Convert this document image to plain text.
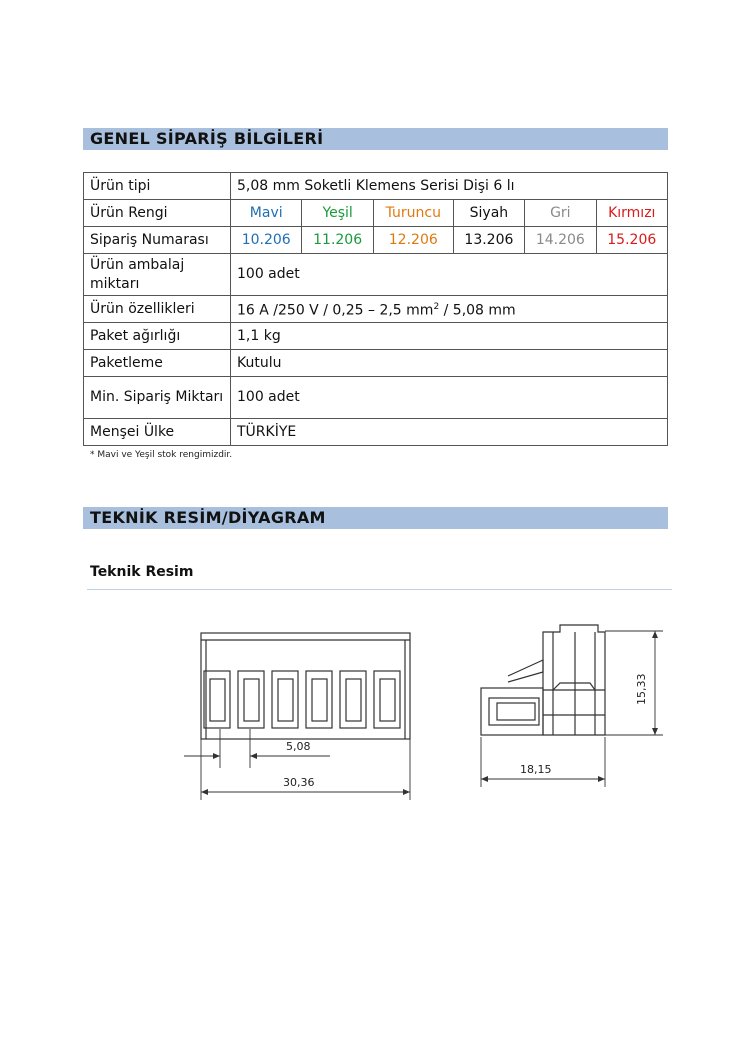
GENEL SİPARİŞ BİLGİLERİ
Ürün tipi	5,08 mm Soketli Klemens Serisi Dişi 6 lı					
Ürün Rengi	Mavi	Yeşil	Turuncu	Siyah	Gri	Kırmızı
Sipariş Numarası	10.206	11.206	12.206	13.206	14.206	15.206
Ürün ambalaj miktarı	100 adet					
Ürün özellikleri	16 A /250 V / 0,25 – 2,5 $mm^2 / 5,08$ mm					
Paket ağırlığı	1,1 kg					
Paketleme	Kutulu					
Min. Sipariş Miktarı	100 adet					
Menşei Ülke	TÜRKİYE					
* Mavi ve Yeşil stok rengimizdir.
TEKNİK RESİM/DİYAGRAM
Teknik Resim
5,08
30,36
18,15
15,33
